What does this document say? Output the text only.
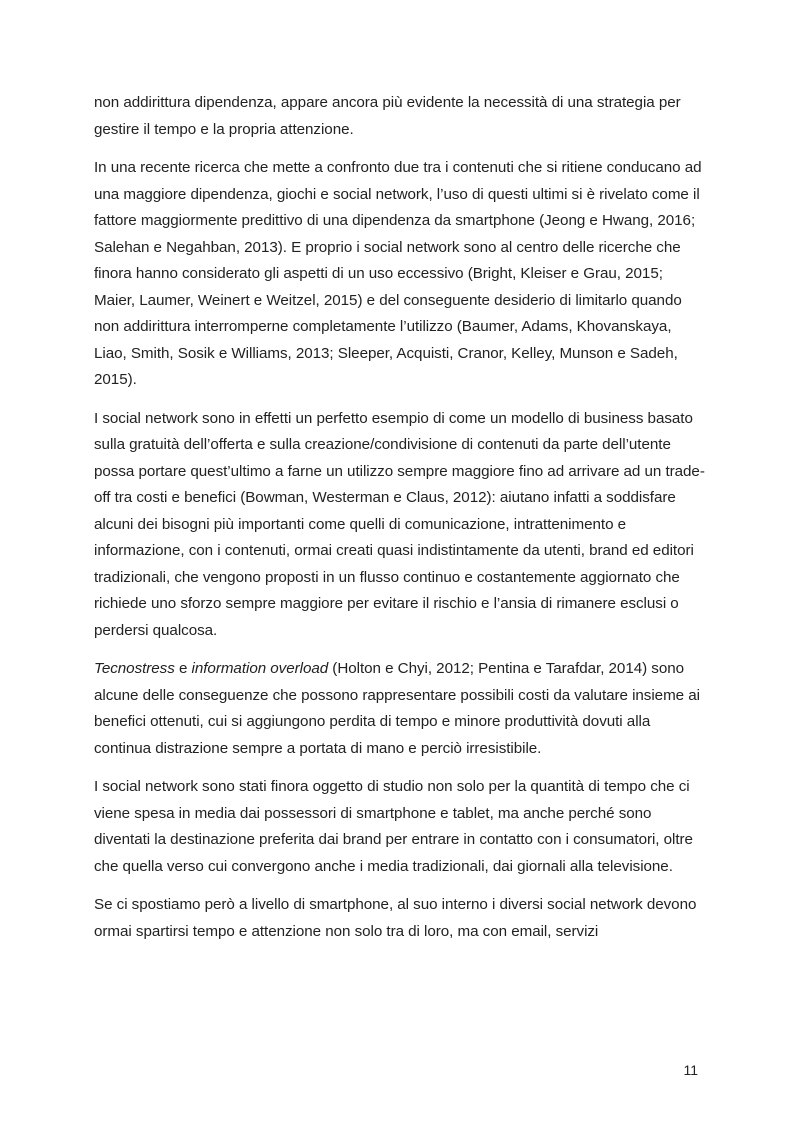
non addirittura dipendenza, appare ancora più evidente la necessità di una strategia per gestire il tempo e la propria attenzione.

In una recente ricerca che mette a confronto due tra i contenuti che si ritiene conducano ad una maggiore dipendenza, giochi e social network, l’uso di questi ultimi si è rivelato come il fattore maggiormente predittivo di una dipendenza da smartphone (Jeong e Hwang, 2016; Salehan e Negahban, 2013). E proprio i social network sono al centro delle ricerche che finora hanno considerato gli aspetti di un uso eccessivo (Bright, Kleiser e Grau, 2015; Maier, Laumer, Weinert e Weitzel, 2015) e del conseguente desiderio di limitarlo quando non addirittura interromperne completamente l’utilizzo (Baumer, Adams, Khovanskaya, Liao, Smith, Sosik e Williams, 2013; Sleeper, Acquisti, Cranor, Kelley, Munson e Sadeh, 2015).

I social network sono in effetti un perfetto esempio di come un modello di business basato sulla gratuità dell’offerta e sulla creazione/condivisione di contenuti da parte dell’utente possa portare quest’ultimo a farne un utilizzo sempre maggiore fino ad arrivare ad un trade-off tra costi e benefici (Bowman, Westerman e Claus, 2012): aiutano infatti a soddisfare alcuni dei bisogni più importanti come quelli di comunicazione, intrattenimento e informazione, con i contenuti, ormai creati quasi indistintamente da utenti, brand ed editori tradizionali, che vengono proposti in un flusso continuo e costantemente aggiornato che richiede uno sforzo sempre maggiore per evitare il rischio e l’ansia di rimanere esclusi o perdersi qualcosa.

Tecnostress e information overload (Holton e Chyi, 2012; Pentina e Tarafdar, 2014) sono alcune delle conseguenze che possono rappresentare possibili costi da valutare insieme ai benefici ottenuti, cui si aggiungono perdita di tempo e minore produttività dovuti alla continua distrazione sempre a portata di mano e perciò irresistibile.

I social network sono stati finora oggetto di studio non solo per la quantità di tempo che ci viene spesa in media dai possessori di smartphone e tablet, ma anche perché sono diventati la destinazione preferita dai brand per entrare in contatto con i consumatori, oltre che quella verso cui convergono anche i media tradizionali, dai giornali alla televisione.

Se ci spostiamo però a livello di smartphone, al suo interno i diversi social network devono ormai spartirsi tempo e attenzione non solo tra di loro, ma con email, servizi

11
